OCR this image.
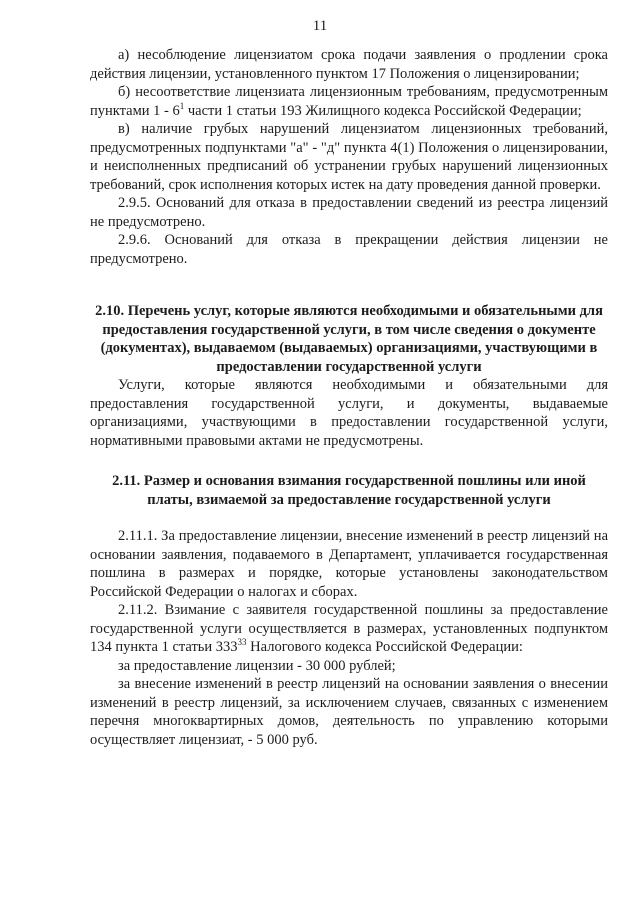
11

а) несоблюдение лицензиатом срока подачи заявления о продлении срока действия лицензии, установленного пунктом 17 Положения о лицензировании;

б) несоответствие лицензиата лицензионным требованиям, предусмотренным пунктами $1 - 6^1$ части 1 статьи 193 Жилищного кодекса Российской Федерации;

в) наличие грубых нарушений лицензиатом лицензионных требований, предусмотренных подпунктами "а" - "д" пункта 4(1) Положения о лицензировании, и неисполненных предписаний об устранении грубых нарушений лицензионных требований, срок исполнения которых истек на дату проведения данной проверки.

2.9.5. Оснований для отказа в предоставлении сведений из реестра лицензий не предусмотрено.

2.9.6. Оснований для отказа в прекращении действия лицензии не предусмотрено.

2.10. Перечень услуг, которые являются необходимыми и обязательными для предоставления государственной услуги, в том числе сведения о документе (документах), выдаваемом (выдаваемых) организациями, участвующими в предоставлении государственной услуги

Услуги, которые являются необходимыми и обязательными для предоставления государственной услуги, и документы, выдаваемые организациями, участвующими в предоставлении государственной услуги, нормативными правовыми актами не предусмотрены.

2.11. Размер и основания взимания государственной пошлины или иной платы, взимаемой за предоставление государственной услуги

2.11.1. За предоставление лицензии, внесение изменений в реестр лицензий на основании заявления, подаваемого в Департамент, уплачивается государственная пошлина в размерах и порядке, которые установлены законодательством Российской Федерации о налогах и сборах.

2.11.2. Взимание с заявителя государственной пошлины за предоставление государственной услуги осуществляется в размерах, установленных подпунктом 134 пункта 1 статьи $333^{33}$ Налогового кодекса Российской Федерации:

за предоставление лицензии - 30 000 рублей;

за внесение изменений в реестр лицензий на основании заявления о внесении изменений в реестр лицензий, за исключением случаев, связанных с изменением перечня многоквартирных домов, деятельность по управлению которыми осуществляет лицензиат, - 5 000 руб.
